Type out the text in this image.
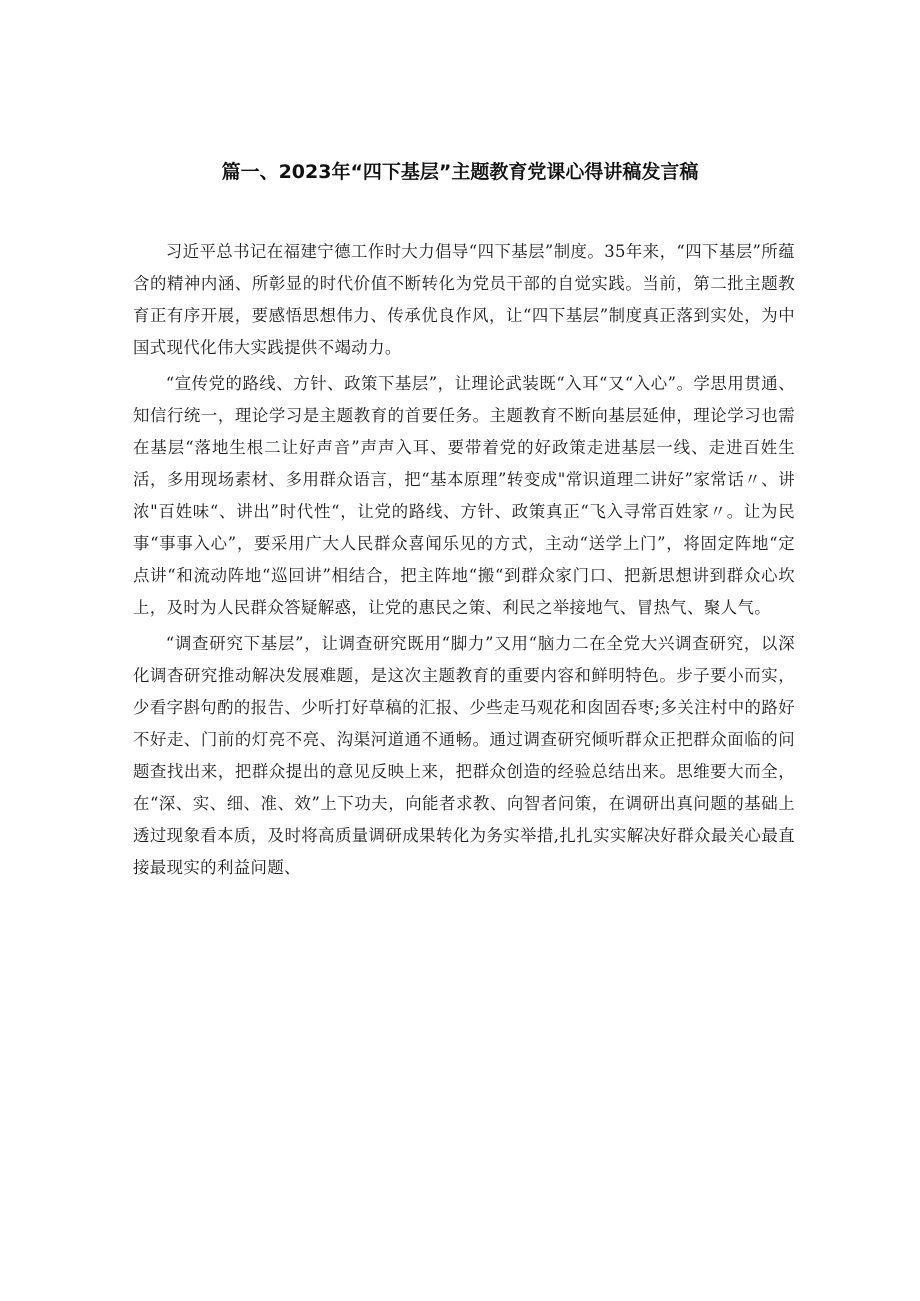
篇一、2023年“四下基层”主题教育党课心得讲稿发言稿

习近平总书记在福建宁德工作时大力倡导“四下基层”制度。35年来，“四下基层”所蕴含的精神内涵、所彰显的时代价值不断转化为党员干部的自觉实践。当前，第二批主题教育正有序开展，要感悟思想伟力、传承优良作风，让“四下基层”制度真正落到实处，为中国式现代化伟大实践提供不竭动力。

“宣传党的路线、方针、政策下基层”，让理论武装既“入耳“又“入心”。学思用贯通、知信行统一，理论学习是主题教育的首要任务。主题教育不断向基层延伸，理论学习也需在基层“落地生根二让好声音”声声入耳、要带着党的好政策走进基层一线、走进百姓生活，多用现场素材、多用群众语言，把“基本原理”转变成"常识道理二讲好”家常话〃、讲浓"百姓味“、讲出”时代性“，让党的路线、方针、政策真正“飞入寻常百姓家〃。让为民事“事事入心”，要采用广大人民群众喜闻乐见的方式，主动“送学上门”，将固定阵地“定点讲“和流动阵地“巡回讲”相结合，把主阵地“搬“到群众家门口、把新思想讲到群众心坎上，及时为人民群众答疑解惑，让党的惠民之策、利民之举接地气、冒热气、聚人气。

“调查研究下基层”，让调查研究既用“脚力”又用“脑力二在全党大兴调查研究，以深化调杳研究推动解决发展难题，是这次主题教育的重要内容和鲜明特色。步子要小而实，少看字斟句酌的报告、少听打好草稿的汇报、少些走马观花和囱固吞枣;多关注村中的路好不好走、门前的灯亮不亮、沟渠河道通不通畅。通过调查研究倾听群众正把群众面临的问题查找出来，把群众提出的意见反映上来，把群众创造的经验总结出来。思维要大而全，在“深、实、细、准、效”上下功夫，向能者求教、向智者问策，在调研出真问题的基础上透过现象看本质，及时将高质量调研成果转化为务实举措,扎扎实实解决好群众最关心最直接最现实的利益问题、
